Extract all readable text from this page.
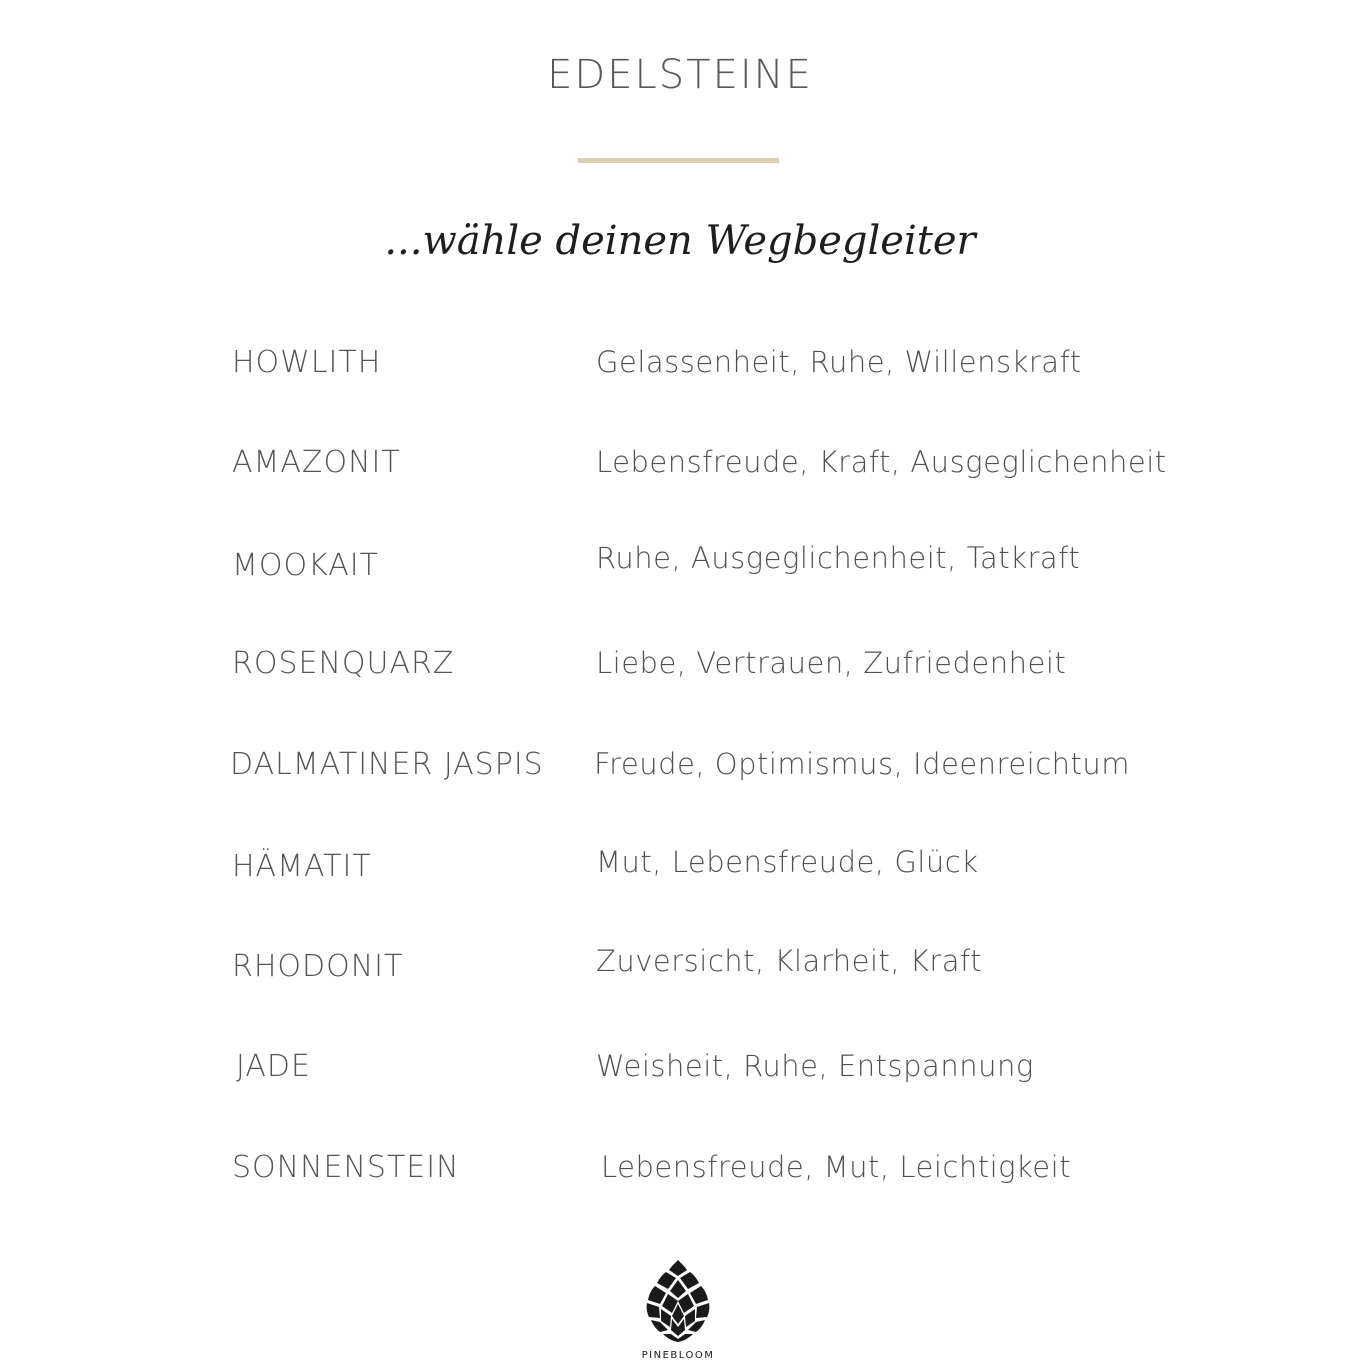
EDELSTEINE
...wähle deinen Wegbegleiter
HOWLITH	Gelassenheit, Ruhe, Willenskraft
AMAZONIT	Lebensfreude, Kraft, Ausgeglichenheit
MOOKAIT	Ruhe, Ausgeglichenheit, Tatkraft
ROSENQUARZ	Liebe, Vertrauen, Zufriedenheit
DALMATINER JASPIS Freude, Optimismus, Ideenreichtum
HÄMATIT	Mut, Lebensfreude, Glück
RHODONIT	Zuversicht, Klarheit, Kraft
JADE	Weisheit, Ruhe, Entspannung
SONNENSTEIN	Lebensfreude, Mut, Leichtigkeit
PINEBLOOM
